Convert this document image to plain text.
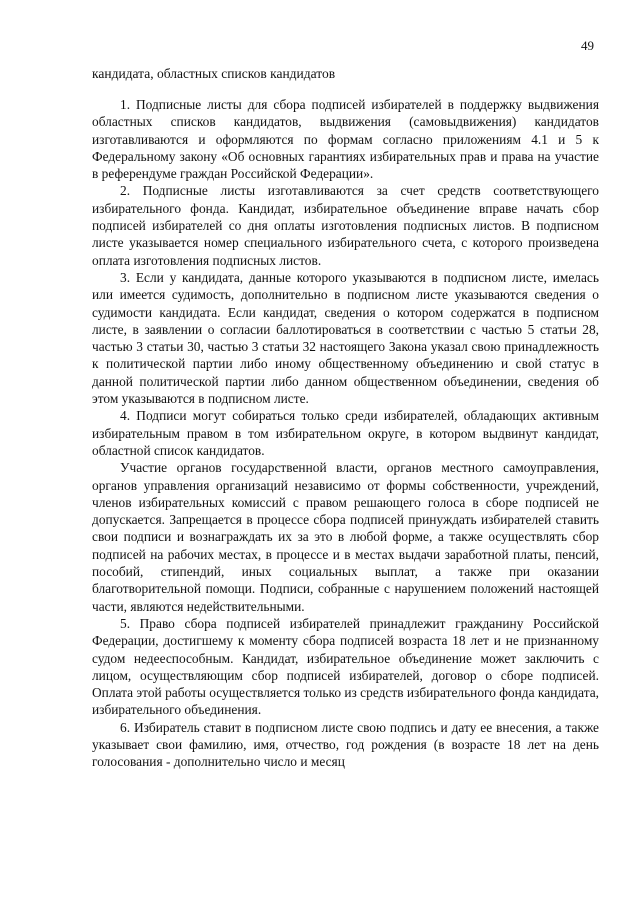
49
кандидата, областных списков кандидатов

1. Подписные листы для сбора подписей избирателей в поддержку выдвижения областных списков кандидатов, выдвижения (самовыдвижения) кандидатов изготавливаются и оформляются по формам согласно приложениям 4.1 и 5 к Федеральному закону «Об основных гарантиях избирательных прав и права на участие в референдуме граждан Российской Федерации».

2. Подписные листы изготавливаются за счет средств соответствующего избирательного фонда. Кандидат, избирательное объединение вправе начать сбор подписей избирателей со дня оплаты изготовления подписных листов. В подписном листе указывается номер специального избирательного счета, с которого произведена оплата изготовления подписных листов.

3. Если у кандидата, данные которого указываются в подписном листе, имелась или имеется судимость, дополнительно в подписном листе указываются сведения о судимости кандидата. Если кандидат, сведения о котором содержатся в подписном листе, в заявлении о согласии баллотироваться в соответствии с частью 5 статьи 28, частью 3 статьи 30, частью 3 статьи 32 настоящего Закона указал свою принадлежность к политической партии либо иному общественному объединению и свой статус в данной политической партии либо данном общественном объединении, сведения об этом указываются в подписном листе.

4. Подписи могут собираться только среди избирателей, обладающих активным избирательным правом в том избирательном округе, в котором выдвинут кандидат, областной список кандидатов.

Участие органов государственной власти, органов местного самоуправления, органов управления организаций независимо от формы собственности, учреждений, членов избирательных комиссий с правом решающего голоса в сборе подписей не допускается. Запрещается в процессе сбора подписей принуждать избирателей ставить свои подписи и вознаграждать их за это в любой форме, а также осуществлять сбор подписей на рабочих местах, в процессе и в местах выдачи заработной платы, пенсий, пособий, стипендий, иных социальных выплат, а также при оказании благотворительной помощи. Подписи, собранные с нарушением положений настоящей части, являются недействительными.

5. Право сбора подписей избирателей принадлежит гражданину Российской Федерации, достигшему к моменту сбора подписей возраста 18 лет и не признанному судом недееспособным. Кандидат, избирательное объединение может заключить с лицом, осуществляющим сбор подписей избирателей, договор о сборе подписей. Оплата этой работы осуществляется только из средств избирательного фонда кандидата, избирательного объединения.

6. Избиратель ставит в подписном листе свою подпись и дату ее внесения, а также указывает свои фамилию, имя, отчество, год рождения (в возрасте 18 лет на день голосования - дополнительно число и месяц
